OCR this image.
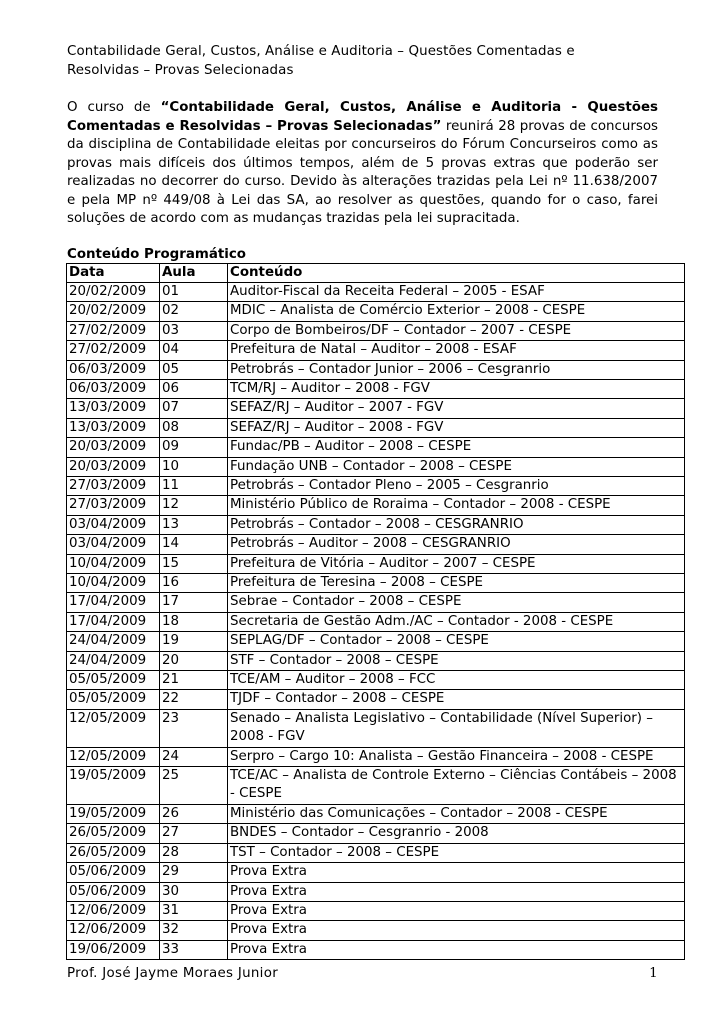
Contabilidade Geral, Custos, Análise e Auditoria – Questões Comentadas e
Resolvidas – Provas Selecionadas

O curso de “Contabilidade Geral, Custos, Análise e Auditoria - Questões Comentadas e Resolvidas – Provas Selecionadas” reunirá 28 provas de concursos da disciplina de Contabilidade eleitas por concurseiros do Fórum Concurseiros como as provas mais difíceis dos últimos tempos, além de 5 provas extras que poderão ser realizadas no decorrer do curso. Devido às alterações trazidas pela Lei nº 11.638/2007 e pela MP nº 449/08 à Lei das SA, ao resolver as questões, quando for o caso, farei soluções de acordo com as mudanças trazidas pela lei supracitada.

Conteúdo Programático
Data	Aula	Conteúdo
20/02/2009	01	Auditor-Fiscal da Receita Federal – 2005 - ESAF
20/02/2009	02	MDIC – Analista de Comércio Exterior – 2008 - CESPE
27/02/2009	03	Corpo de Bombeiros/DF – Contador – 2007 - CESPE
27/02/2009	04	Prefeitura de Natal – Auditor – 2008 - ESAF
06/03/2009	05	Petrobrás – Contador Junior – 2006 – Cesgranrio
06/03/2009	06	TCM/RJ – Auditor – 2008 - FGV
13/03/2009	07	SEFAZ/RJ – Auditor – 2007 - FGV
13/03/2009	08	SEFAZ/RJ – Auditor – 2008 - FGV
20/03/2009	09	Fundac/PB – Auditor – 2008 – CESPE
20/03/2009	10	Fundação UNB – Contador – 2008 – CESPE
27/03/2009	11	Petrobrás – Contador Pleno – 2005 – Cesgranrio
27/03/2009	12	Ministério Público de Roraima – Contador – 2008 - CESPE
03/04/2009	13	Petrobrás – Contador – 2008 – CESGRANRIO
03/04/2009	14	Petrobrás – Auditor – 2008 – CESGRANRIO
10/04/2009	15	Prefeitura de Vitória – Auditor – 2007 – CESPE
10/04/2009	16	Prefeitura de Teresina – 2008 – CESPE
17/04/2009	17	Sebrae – Contador – 2008 – CESPE
17/04/2009	18	Secretaria de Gestão Adm./AC – Contador - 2008 - CESPE
24/04/2009	19	SEPLAG/DF – Contador – 2008 – CESPE
24/04/2009	20	STF – Contador – 2008 – CESPE
05/05/2009	21	TCE/AM – Auditor – 2008 – FCC
05/05/2009	22	TJDF – Contador – 2008 – CESPE
12/05/2009	23	Senado – Analista Legislativo – Contabilidade (Nível Superior) – 2008 - FGV
12/05/2009	24	Serpro – Cargo 10: Analista – Gestão Financeira – 2008 - CESPE
19/05/2009	25	TCE/AC – Analista de Controle Externo – Ciências Contábeis – 2008 - CESPE
19/05/2009	26	Ministério das Comunicações – Contador – 2008 - CESPE
26/05/2009	27	BNDES – Contador – Cesgranrio - 2008
26/05/2009	28	TST – Contador – 2008 – CESPE
05/06/2009	29	Prova Extra
05/06/2009	30	Prova Extra
12/06/2009	31	Prova Extra
12/06/2009	32	Prova Extra
19/06/2009	33	Prova Extra
Prof. José Jayme Moraes Junior	1
